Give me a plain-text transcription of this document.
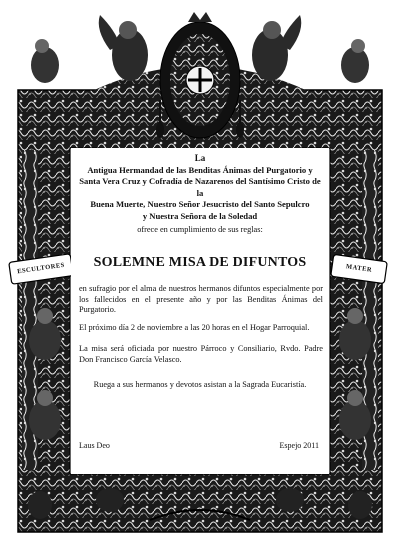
La
Antigua Hermandad de las Benditas Ánimas del Purgatorio y
Santa Vera Cruz y Cofradía de Nazarenos del Santísimo Cristo de la
Buena Muerte, Nuestro Señor Jesucristo del Santo Sepulcro
y Nuestra Señora de la Soledad
ofrece en cumplimiento de sus reglas:
SOLEMNE MISA DE DIFUNTOS
en sufragio por el alma de nuestros hermanos difuntos especialmente por los fallecidos en el presente año y por las Benditas Ánimas del Purgatorio.
El próximo día 2 de noviembre a las 20 horas en el Hogar Parroquial.
La misa será oficiada por nuestro Párroco y Consiliario, Rvdo. Padre Don Francisco García Velasco.
Ruega a sus hermanos y devotos asistan a la Sagrada Eucaristía.
Laus Deo	Espejo 2011
ESCULTORES	MATER
